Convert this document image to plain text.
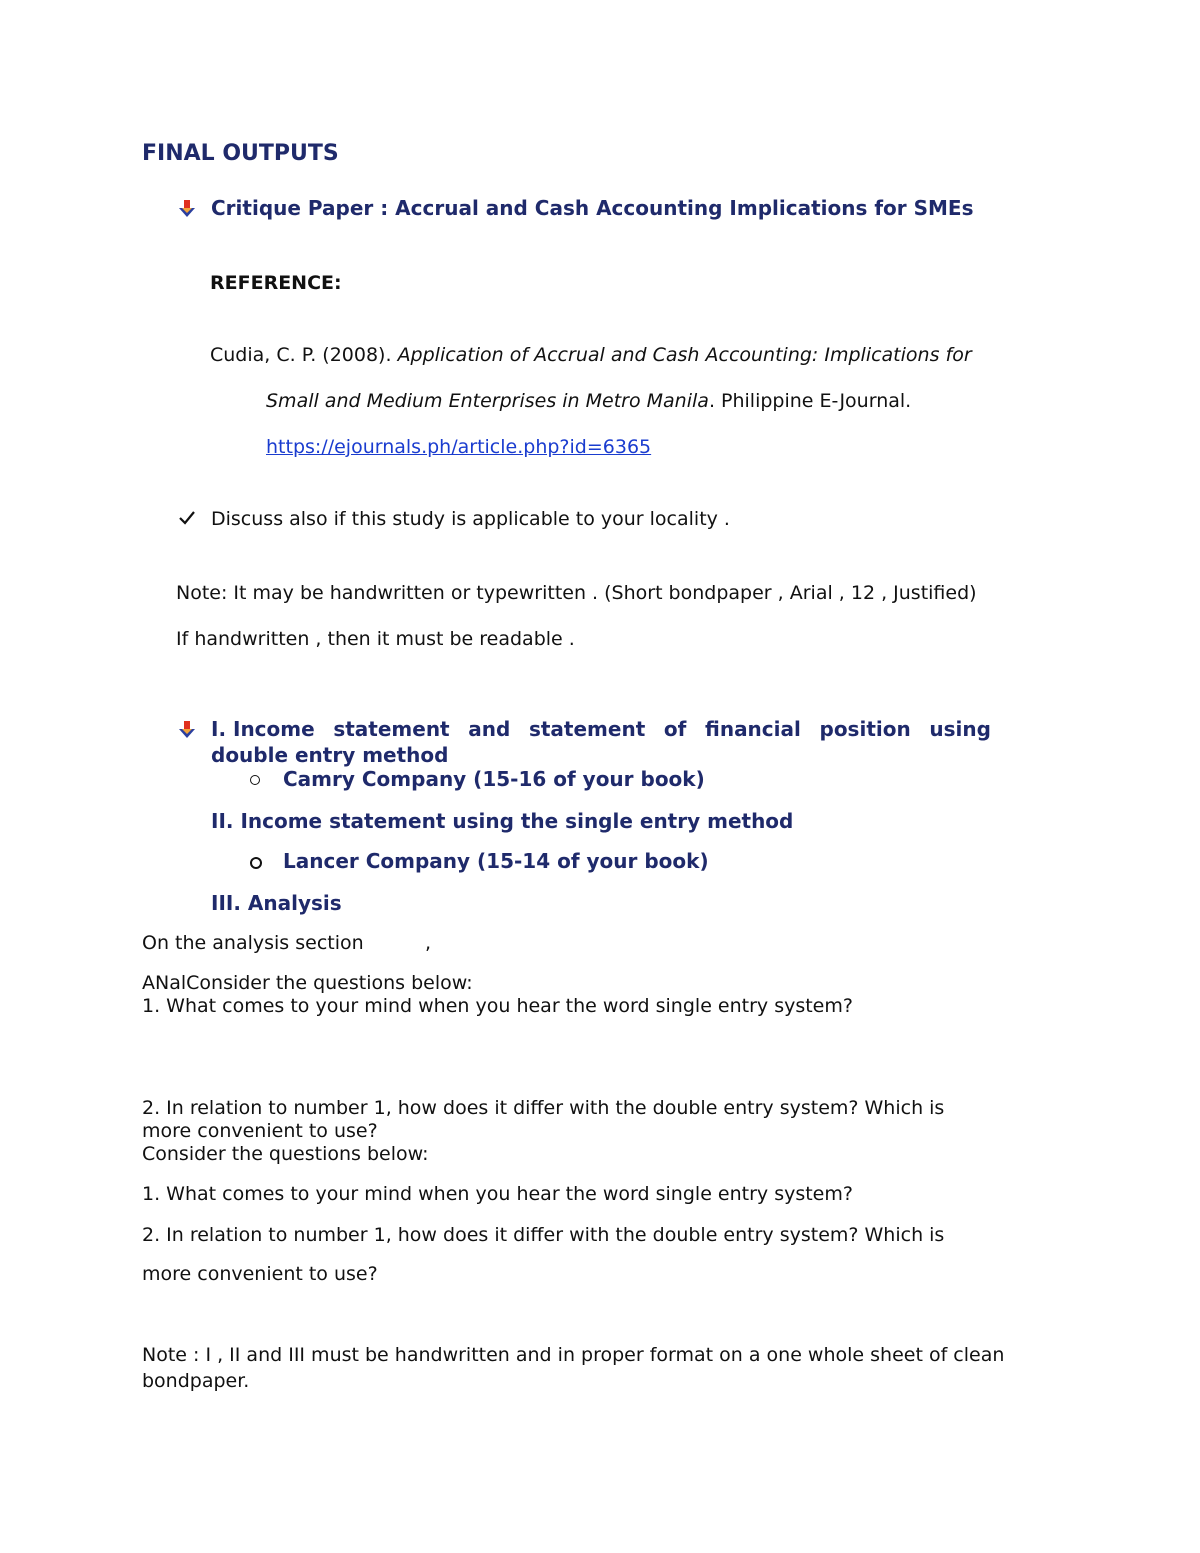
FINAL OUTPUTS
Critique Paper : Accrual and Cash Accounting Implications for SMEs
REFERENCE:
Cudia, C. P. (2008). Application of Accrual and Cash Accounting: Implications for
Small and Medium Enterprises in Metro Manila. Philippine E-Journal.
https://ejournals.ph/article.php?id=6365
Discuss also if this study is applicable to your locality .
Note: It may be handwritten or typewritten . (Short bondpaper , Arial , 12 , Justified)
If handwritten , then it must be readable .
I. Income statement and statement of financial position using
double entry method
Camry Company (15-16 of your book)
II. Income statement using the single entry method
Lancer Company (15-14 of your book)
III. Analysis
On the analysis section	,
ANalConsider the questions below:
1. What comes to your mind when you hear the word single entry system?
2. In relation to number 1, how does it differ with the double entry system? Which is
more convenient to use?
Consider the questions below:
1. What comes to your mind when you hear the word single entry system?
2. In relation to number 1, how does it differ with the double entry system? Which is
more convenient to use?
Note : I , II and III must be handwritten and in proper format on a one whole sheet of clean
bondpaper.
